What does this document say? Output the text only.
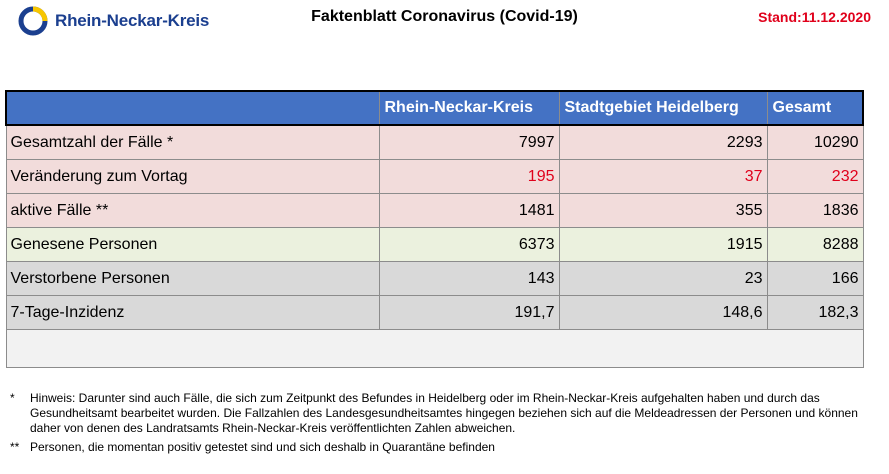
Rhein-Neckar-Kreis	Faktenblatt Coronavirus (Covid-19)	Stand:11.12.2020
	Rhein-Neckar-Kreis	Stadtgebiet Heidelberg	Gesamt
Gesamtzahl der Fälle *	7997	2293	10290
Veränderung zum Vortag	195	37	232
aktive Fälle **	1481	355	1836
Genesene Personen	6373	1915	8288
Verstorbene Personen	143	23	166
7-Tage-Inzidenz	191,7	148,6	182,3

*	Hinweis: Darunter sind auch Fälle, die sich zum Zeitpunkt des Befundes in Heidelberg oder im Rhein-Neckar-Kreis aufgehalten haben und durch das Gesundheitsamt bearbeitet wurden. Die Fallzahlen des Landesgesundheitsamtes hingegen beziehen sich auf die Meldeadressen der Personen und können daher von denen des Landratsamts Rhein-Neckar-Kreis veröffentlichten Zahlen abweichen.
** Personen, die momentan positiv getestet sind und sich deshalb in Quarantäne befinden
